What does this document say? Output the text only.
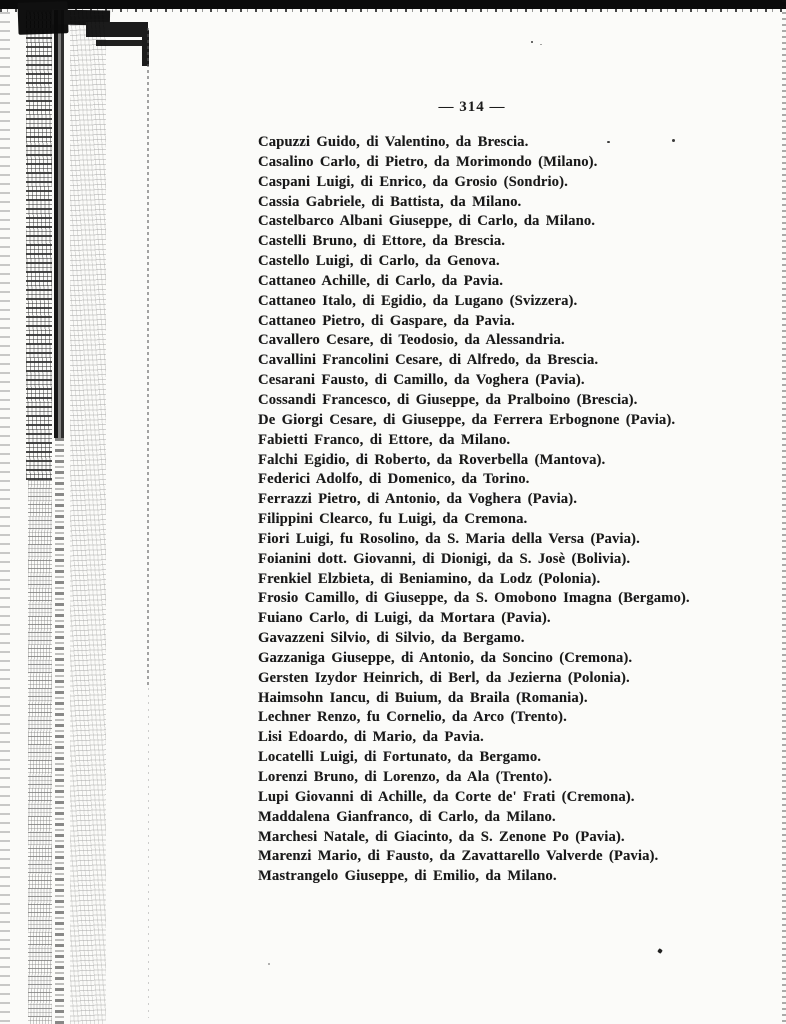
— 314 —
Capuzzi Guido, di Valentino, da Brescia.
Casalino Carlo, di Pietro, da Morimondo (Milano).
Caspani Luigi, di Enrico, da Grosio (Sondrio).
Cassia Gabriele, di Battista, da Milano.
Castelbarco Albani Giuseppe, di Carlo, da Milano.
Castelli Bruno, di Ettore, da Brescia.
Castello Luigi, di Carlo, da Genova.
Cattaneo Achille, di Carlo, da Pavia.
Cattaneo Italo, di Egidio, da Lugano (Svizzera).
Cattaneo Pietro, di Gaspare, da Pavia.
Cavallero Cesare, di Teodosio, da Alessandria.
Cavallini Francolini Cesare, di Alfredo, da Brescia.
Cesarani Fausto, di Camillo, da Voghera (Pavia).
Cossandi Francesco, di Giuseppe, da Pralboino (Brescia).
De Giorgi Cesare, di Giuseppe, da Ferrera Erbognone (Pavia).
Fabietti Franco, di Ettore, da Milano.
Falchi Egidio, di Roberto, da Roverbella (Mantova).
Federici Adolfo, di Domenico, da Torino.
Ferrazzi Pietro, di Antonio, da Voghera (Pavia).
Filippini Clearco, fu Luigi, da Cremona.
Fiori Luigi, fu Rosolino, da S. Maria della Versa (Pavia).
Foianini dott. Giovanni, di Dionigi, da S. Josè (Bolivia).
Frenkiel Elzbieta, di Beniamino, da Lodz (Polonia).
Frosio Camillo, di Giuseppe, da S. Omobono Imagna (Bergamo).
Fuiano Carlo, di Luigi, da Mortara (Pavia).
Gavazzeni Silvio, di Silvio, da Bergamo.
Gazzaniga Giuseppe, di Antonio, da Soncino (Cremona).
Gersten Izydor Heinrich, di Berl, da Jezierna (Polonia).
Haimsohn Iancu, di Buium, da Braila (Romania).
Lechner Renzo, fu Cornelio, da Arco (Trento).
Lisi Edoardo, di Mario, da Pavia.
Locatelli Luigi, di Fortunato, da Bergamo.
Lorenzi Bruno, di Lorenzo, da Ala (Trento).
Lupi Giovanni di Achille, da Corte de' Frati (Cremona).
Maddalena Gianfranco, di Carlo, da Milano.
Marchesi Natale, di Giacinto, da S. Zenone Po (Pavia).
Marenzi Mario, di Fausto, da Zavattarello Valverde (Pavia).
Mastrangelo Giuseppe, di Emilio, da Milano.
